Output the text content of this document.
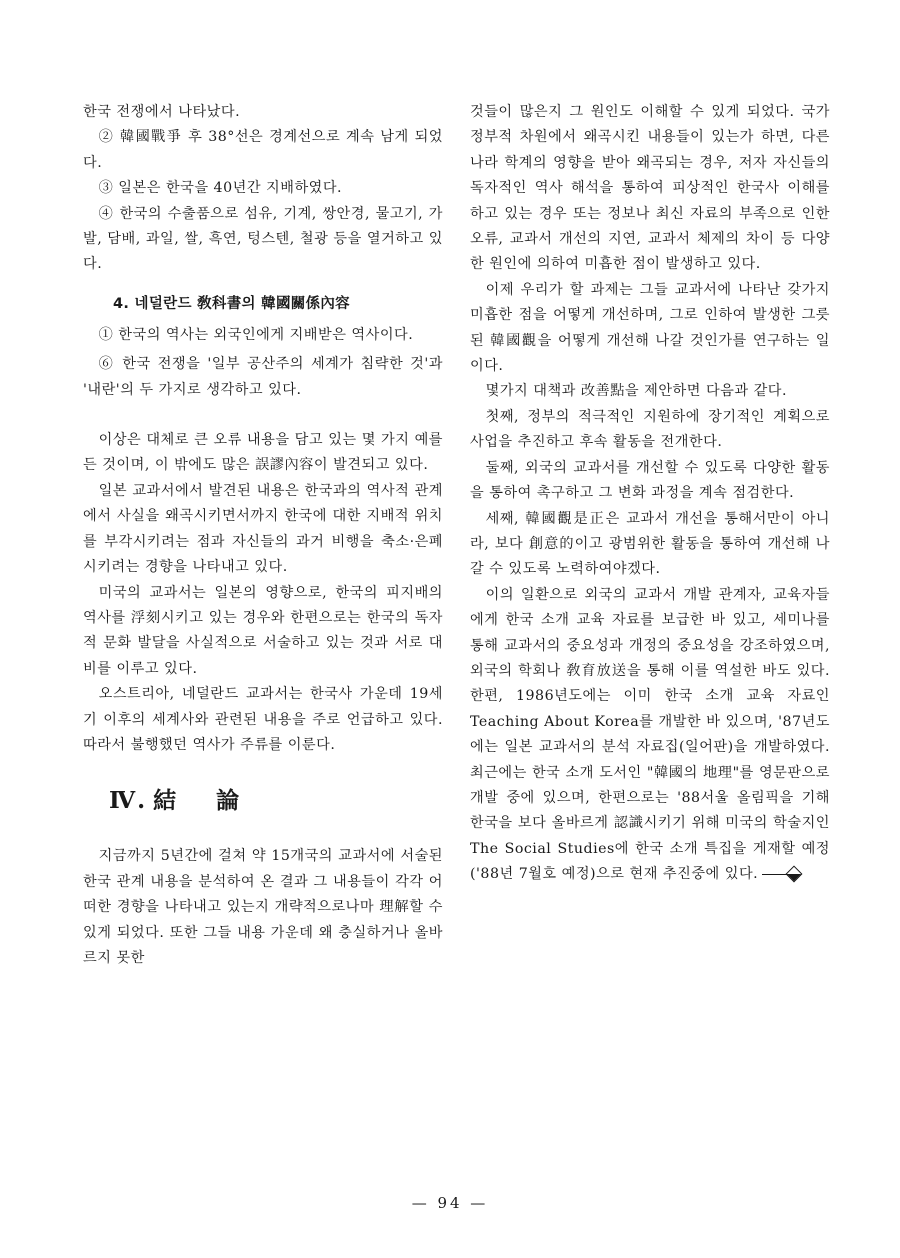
한국 전쟁에서 나타났다.

② 韓國戰爭 후 38°선은 경계선으로 계속 남게 되었다.

③ 일본은 한국을 40년간 지배하였다.

④ 한국의 수출품으로 섬유, 기계, 쌍안경, 물고기, 가발, 담배, 과일, 쌀, 흑연, 텅스텐, 철광 등을 열거하고 있다.

4. 네덜란드 敎科書의 韓國關係內容

① 한국의 역사는 외국인에게 지배받은 역사이다.

⑥ 한국 전쟁을 '일부 공산주의 세계가 침략한 것'과 '내란'의 두 가지로 생각하고 있다.

이상은 대체로 큰 오류 내용을 담고 있는 몇 가지 예를 든 것이며, 이 밖에도 많은 誤謬內容이 발견되고 있다.

일본 교과서에서 발견된 내용은 한국과의 역사적 관계에서 사실을 왜곡시키면서까지 한국에 대한 지배적 위치를 부각시키려는 점과 자신들의 과거 비행을 축소·은폐시키려는 경향을 나타내고 있다.

미국의 교과서는 일본의 영향으로, 한국의 피지배의 역사를 浮刻시키고 있는 경우와 한편으로는 한국의 독자적 문화 발달을 사실적으로 서술하고 있는 것과 서로 대비를 이루고 있다.

오스트리아, 네덜란드 교과서는 한국사 가운데 19세기 이후의 세계사와 관련된 내용을 주로 언급하고 있다. 따라서 불행했던 역사가 주류를 이룬다.

Ⅳ. 結論

지금까지 5년간에 걸쳐 약 15개국의 교과서에 서술된 한국 관계 내용을 분석하여 온 결과 그 내용들이 각각 어떠한 경향을 나타내고 있는지 개략적으로나마 理解할 수 있게 되었다. 또한 그들 내용 가운데 왜 충실하거나 올바르지 못한

것들이 많은지 그 원인도 이해할 수 있게 되었다. 국가 정부적 차원에서 왜곡시킨 내용들이 있는가 하면, 다른 나라 학계의 영향을 받아 왜곡되는 경우, 저자 자신들의 독자적인 역사 해석을 통하여 피상적인 한국사 이해를 하고 있는 경우 또는 정보나 최신 자료의 부족으로 인한 오류, 교과서 개선의 지연, 교과서 체제의 차이 등 다양한 원인에 의하여 미흡한 점이 발생하고 있다.

이제 우리가 할 과제는 그들 교과서에 나타난 갖가지 미흡한 점을 어떻게 개선하며, 그로 인하여 발생한 그릇된 韓國觀을 어떻게 개선해 나갈 것인가를 연구하는 일이다.

몇가지 대책과 改善點을 제안하면 다음과 같다.

첫째, 정부의 적극적인 지원하에 장기적인 계획으로 사업을 추진하고 후속 활동을 전개한다.

둘째, 외국의 교과서를 개선할 수 있도록 다양한 활동을 통하여 촉구하고 그 변화 과정을 계속 점검한다.

세째, 韓國觀是正은 교과서 개선을 통해서만이 아니라, 보다 創意的이고 광범위한 활동을 통하여 개선해 나갈 수 있도록 노력하여야겠다.

이의 일환으로 외국의 교과서 개발 관계자, 교육자들에게 한국 소개 교육 자료를 보급한 바 있고, 세미나를 통해 교과서의 중요성과 개정의 중요성을 강조하였으며, 외국의 학회나 敎育放送을 통해 이를 역설한 바도 있다. 한편, 1986년도에는 이미 한국 소개 교육 자료인 Teaching About Korea를 개발한 바 있으며, '87년도에는 일본 교과서의 분석 자료집(일어판)을 개발하였다. 최근에는 한국 소개 도서인 "韓國의 地理"를 영문판으로 개발 중에 있으며, 한편으로는 '88서울 올림픽을 기해 한국을 보다 올바르게 認識시키기 위해 미국의 학술지인 The Social Studies에 한국 소개 특집을 게재할 예정('88년 7월호 예정)으로 현재 추진중에 있다.

— 94 —
